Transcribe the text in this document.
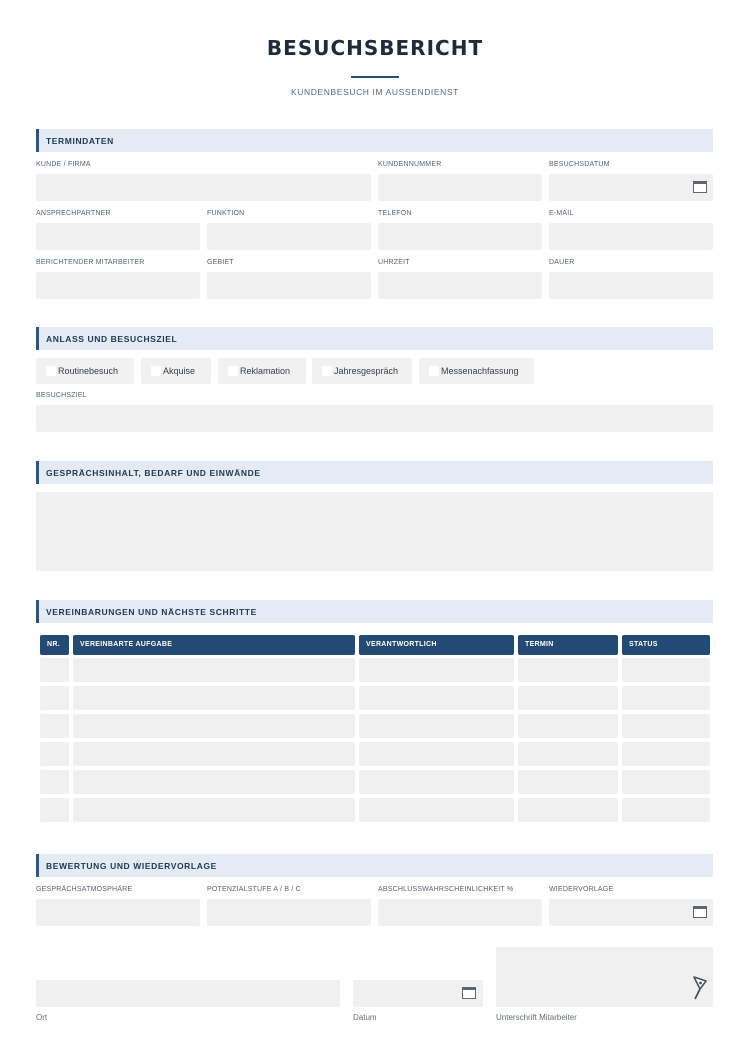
BESUCHSBERICHT
KUNDENBESUCH IM AUSSENDIENST
TERMINDATEN
KUNDE / FIRMA	KUNDENNUMMER	BESUCHSDATUM
ANSPRECHPARTNER	FUNKTION	TELEFON	E-MAIL
BERICHTENDER MITARBEITER	GEBIET	UHRZEIT	DAUER
ANLASS UND BESUCHSZIEL
Routinebesuch	Akquise	Reklamation	Jahresgespräch	Messenachfassung
BESUCHSZIEL
GESPRÄCHSINHALT, BEDARF UND EINWÄNDE
VEREINBARUNGEN UND NÄCHSTE SCHRITTE
NR.	VEREINBARTE AUFGABE	VERANTWORTLICH	TERMIN	STATUS
BEWERTUNG UND WIEDERVORLAGE
GESPRÄCHSATMOSPHÄRE	POTENZIALSTUFE A / B / C	ABSCHLUSSWAHRSCHEINLICHKEIT %	WIEDERVORLAGE
Ort	Datum	Unterschrift Mitarbeiter
